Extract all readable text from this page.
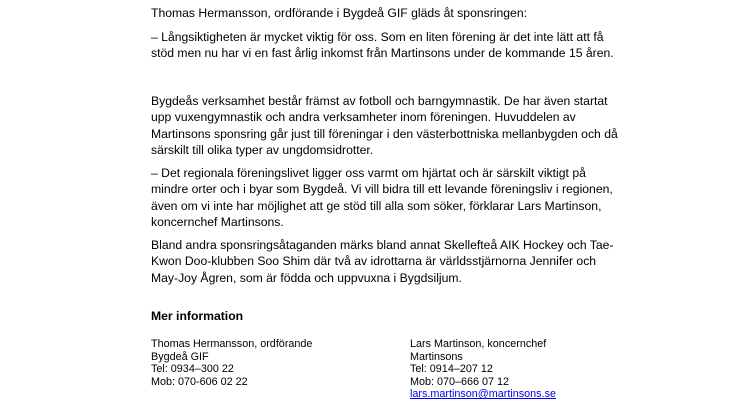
Thomas Hermansson, ordförande i Bygdeå GIF gläds åt sponsringen:

– Långsiktigheten är mycket viktig för oss. Som en liten förening är det inte lätt att få stöd men nu har vi en fast årlig inkomst från Martinsons under de kommande 15 åren.

Bygdeås verksamhet består främst av fotboll och barngymnastik. De har även startat upp vuxengymnastik och andra verksamheter inom föreningen. Huvuddelen av Martinsons sponsring går just till föreningar i den västerbottniska mellanbygden och då särskilt till olika typer av ungdomsidrotter.

– Det regionala föreningslivet ligger oss varmt om hjärtat och är särskilt viktigt på mindre orter och i byar som Bygdeå. Vi vill bidra till ett levande föreningsliv i regionen, även om vi inte har möjlighet att ge stöd till alla som söker, förklarar Lars Martinson, koncernchef Martinsons.

Bland andra sponsringsåtaganden märks bland annat Skellefteå AIK Hockey och Tae-Kwon Doo-klubben Soo Shim där två av idrottarna är världsstjärnorna Jennifer och May-Joy Ågren, som är födda och uppvuxna i Bygdsiljum.

Mer information

Thomas Hermansson, ordförande
Bygdeå GIF
Tel: 0934–300 22
Mob: 070-606 02 22
Lars Martinson, koncernchef
Martinsons
Tel: 0914–207 12
Mob: 070–666 07 12
lars.martinson@martinsons.se
